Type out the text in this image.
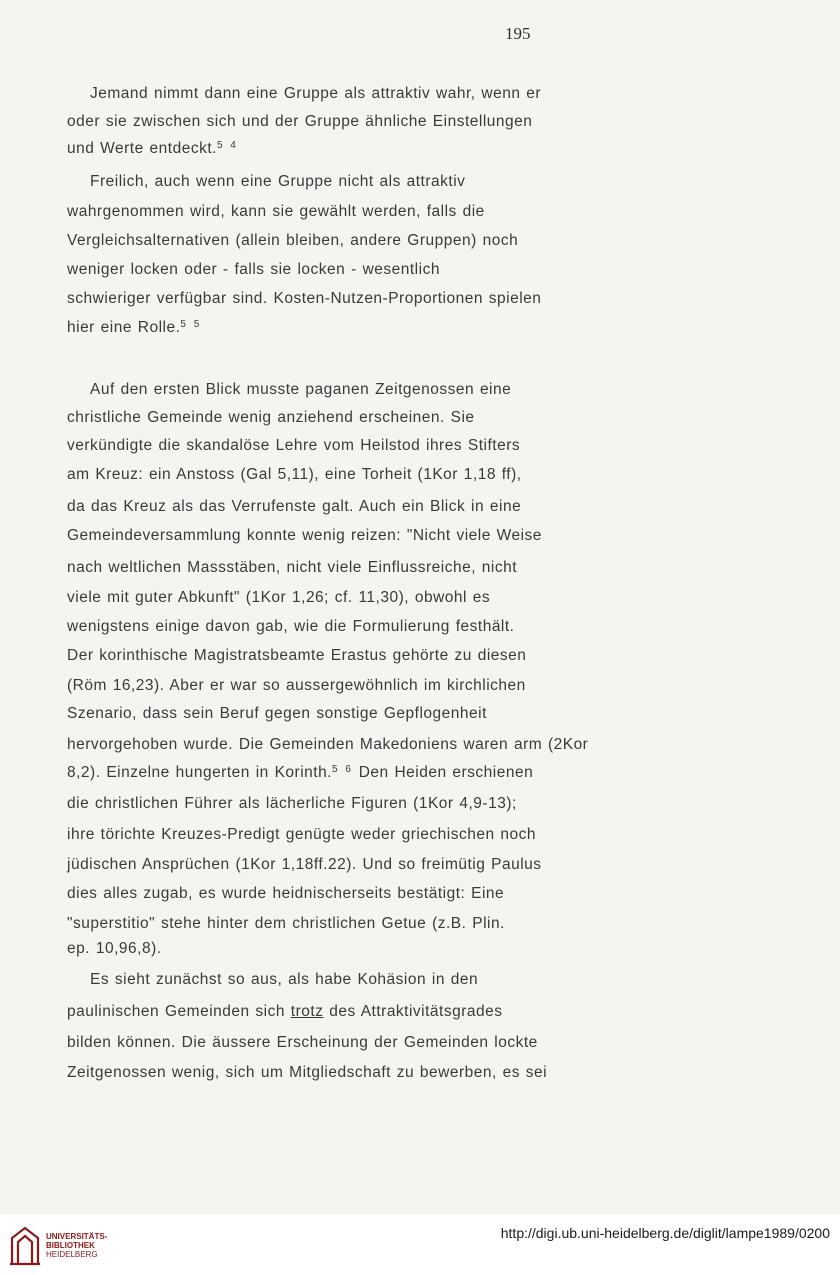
195
Jemand nimmt dann eine Gruppe als attraktiv wahr, wenn er
oder sie zwischen sich und der Gruppe ähnliche Einstellungen
und Werte entdeckt.$^{5 4}$
Freilich, auch wenn eine Gruppe nicht als attraktiv
wahrgenommen wird, kann sie gewählt werden, falls die
Vergleichsalternativen (allein bleiben, andere Gruppen) noch
weniger locken oder - falls sie locken - wesentlich
schwieriger verfügbar sind. Kosten-Nutzen-Proportionen spielen
hier eine Rolle.$^{5 5}$
Auf den ersten Blick musste paganen Zeitgenossen eine
christliche Gemeinde wenig anziehend erscheinen. Sie
verkündigte die skandalöse Lehre vom Heilstod ihres Stifters
am Kreuz: ein Anstoss (Gal 5,11), eine Torheit (1Kor 1,18 ff),
da das Kreuz als das Verrufenste galt. Auch ein Blick in eine
Gemeindeversammlung konnte wenig reizen: "Nicht viele Weise
nach weltlichen Massstäben, nicht viele Einflussreiche, nicht
viele mit guter Abkunft" (1Kor 1,26; cf. 11,30), obwohl es
wenigstens einige davon gab, wie die Formulierung festhält.
Der korinthische Magistratsbeamte Erastus gehörte zu diesen
(Röm 16,23). Aber er war so aussergewöhnlich im kirchlichen
Szenario, dass sein Beruf gegen sonstige Gepflogenheit
hervorgehoben wurde. Die Gemeinden Makedoniens waren arm (2Kor
8,2). Einzelne hungerten in Korinth.$^{5 6}$ Den Heiden erschienen
die christlichen Führer als lächerliche Figuren (1Kor 4,9-13);
ihre törichte Kreuzes-Predigt genügte weder griechischen noch
jüdischen Ansprüchen (1Kor 1,18ff.22). Und so freimütig Paulus
dies alles zugab, es wurde heidnischerseits bestätigt: Eine
"superstitio" stehe hinter dem christlichen Getue (z.B. Plin.
ep. 10,96,8).
Es sieht zunächst so aus, als habe Kohäsion in den
paulinischen Gemeinden sich trotz des Attraktivitätsgrades
bilden können. Die äussere Erscheinung der Gemeinden lockte
Zeitgenossen wenig, sich um Mitgliedschaft zu bewerben, es sei
UNIVERSITÄTS-
BIBLIOTHEK
HEIDELBERG
http://digi.ub.uni-heidelberg.de/diglit/lampe1989/0200
